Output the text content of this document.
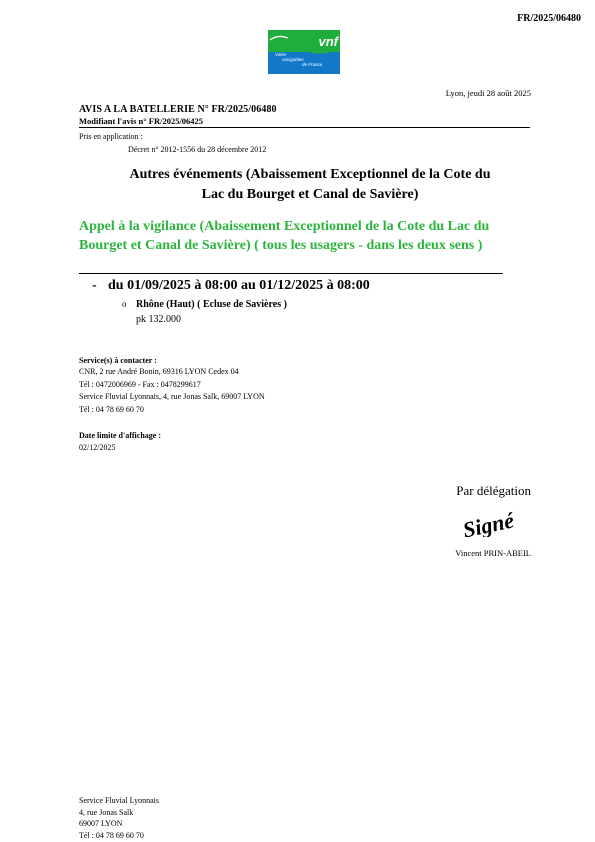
FR/2025/06480
vnf
Voies
navigables
de France
Lyon, jeudi 28 août 2025
AVIS A LA BATELLERIE N° FR/2025/06480
Modifiant l'avis n° FR/2025/06425
Pris en application :
Décret n° 2012-1556 du 28 décembre 2012
Autres événements (Abaissement Exceptionnel de la Cote du Lac du Bourget et Canal de Savière)
Appel à la vigilance (Abaissement Exceptionnel de la Cote du Lac du Bourget et Canal de Savière) ( tous les usagers - dans les deux sens )
- du 01/09/2025 à 08:00 au 01/12/2025 à 08:00
o Rhône (Haut) ( Ecluse de Savières )
pk 132.000
Service(s) à contacter :
CNR, 2 rue André Bonin, 69316 LYON Cedex 04
Tél : 0472006969 - Fax : 0478299617
Service Fluvial Lyonnais, 4, rue Jonas Salk, 69007 LYON
Tél : 04 78 69 60 70
Date limite d'affichage :
02/12/2025
Par délégation
Signé
Vincent PRIN-ABEIL
Service Fluvial Lyonnais
4, rue Jonas Salk
69007 LYON
Tél : 04 78 69 60 70
